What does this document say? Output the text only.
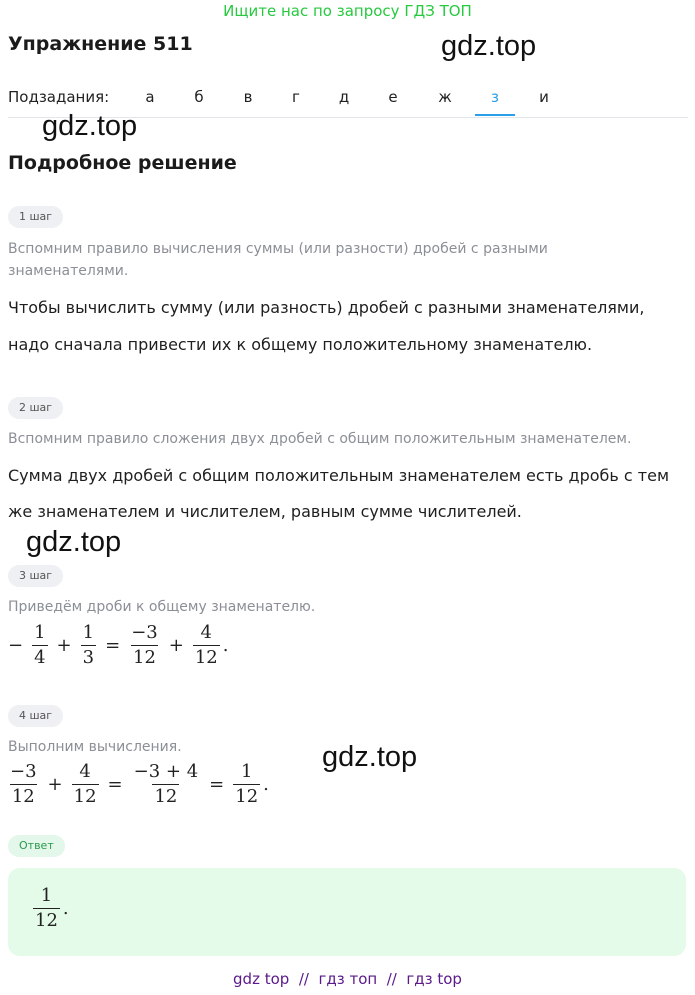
Ищите нас по запросу ГДЗ ТОП
Упражнение 511	gdz.top
Подзадания:	а	б	в	г	д	е	ж	з	и
gdz.top
Подробное решение
1 шаг
Вспомним правило вычисления суммы (или разности) дробей с разными знаменателями.
Чтобы вычислить сумму (или разность) дробей с разными знаменателями,
надо сначала привести их к общему положительному знаменателю.
2 шаг
Вспомним правило сложения двух дробей с общим положительным знаменателем.
Сумма двух дробей с общим положительным знаменателем есть дробь с тем
же знаменателем и числителем, равным сумме числителей.
gdz.top
3 шаг
Приведём дроби к общему знаменателю.
− $\frac{1}{4} + \frac{1}{3} = \frac{-3}{12} + \frac{4}{12}$ .
4 шаг
Выполним вычисления.	gdz.top
$\frac{-3}{12} + \frac{4}{12} = \frac{-3 + 4}{12} = \frac{1}{12}$ .
Ответ
$\frac{1}{12}$ .
gdz top  //  гдз топ  //  гдз top
